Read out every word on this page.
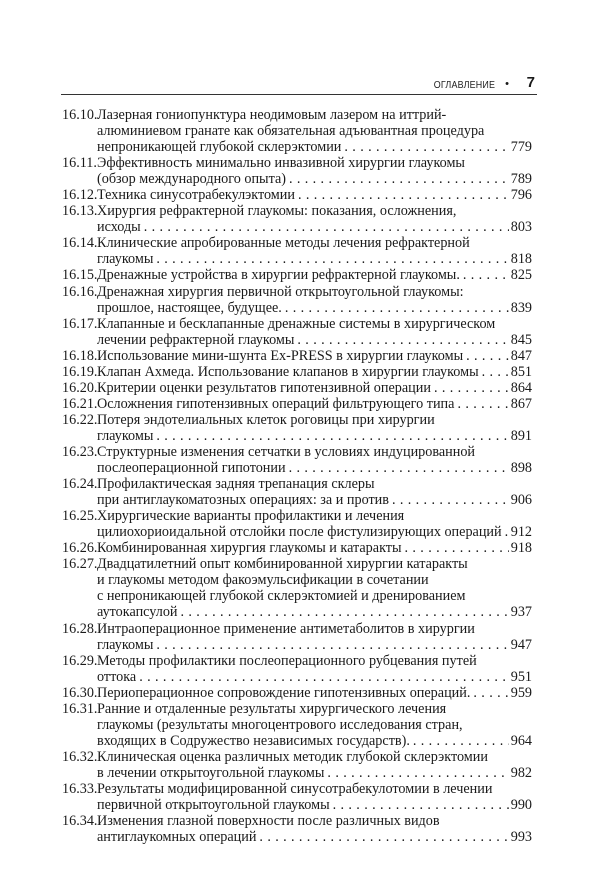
ОГЛАВЛЕНИЕ • 7
16.10. Лазерная гониопунктура неодимовым лазером на иттрий-
алюминиевом гранате как обязательная адъювантная процедура
непроникающей глубокой склерэктомии . . .	779
16.11. Эффективность минимально инвазивной хирургии глаукомы
(обзор международного опыта) . . .	789
16.12. Техника синусотрабекулэктомии . . .	796
16.13. Хирургия рефрактерной глаукомы: показания, осложнения,
исходы . . .	803
16.14. Клинические апробированные методы лечения рефрактерной
глаукомы . . .	818
16.15. Дренажные устройства в хирургии рефрактерной глаукомы. . . .	825
16.16. Дренажная хирургия первичной открытоугольной глаукомы:
прошлое, настоящее, будущее. . . .	839
16.17. Клапанные и бесклапанные дренажные системы в хирургическом
лечении рефрактерной глаукомы . . .	845
16.18. Использование мини-шунта Ex-PRESS в хирургии глаукомы . . .	847
16.19. Клапан Ахмеда. Использование клапанов в хирургии глаукомы . . . 851
16.20. Критерии оценки результатов гипотензивной операции . . .	864
16.21. Осложнения гипотензивных операций фильтрующего типа . . .	867
16.22. Потеря эндотелиальных клеток роговицы при хирургии
глаукомы . . .	891
16.23. Структурные изменения сетчатки в условиях индуцированной
послеоперационной гипотонии . . .	898
16.24. Профилактическая задняя трепанация склеры
при антиглаукоматозных операциях: за и против . . .	906
16.25. Хирургические варианты профилактики и лечения
цилиохориоидальной отслойки после фистулизирующих операций . . . 912
16.26. Комбинированная хирургия глаукомы и катаракты . . .	918
16.27. Двадцатилетний опыт комбинированной хирургии катаракты
и глаукомы методом факоэмульсификации в сочетании
с непроникающей глубокой склерэктомией и дренированием
аутокапсулой . . .	937
16.28. Интраоперационное применение антиметаболитов в хирургии
глаукомы . . .	947
16.29. Методы профилактики послеоперационного рубцевания путей
оттока . . .	951
16.30. Периоперационное сопровождение гипотензивных операций. . . .	959
16.31. Ранние и отдаленные результаты хирургического лечения
глаукомы (результаты многоцентрового исследования стран,
входящих в Содружество независимых государств). . . .	964
16.32. Клиническая оценка различных методик глубокой склерэктомии
в лечении открытоугольной глаукомы . . .	982
16.33. Результаты модифицированной синусотрабекулотомии в лечении
первичной открытоугольной глаукомы . . .	990
16.34. Изменения глазной поверхности после различных видов
антиглаукомных операций . . .	993
